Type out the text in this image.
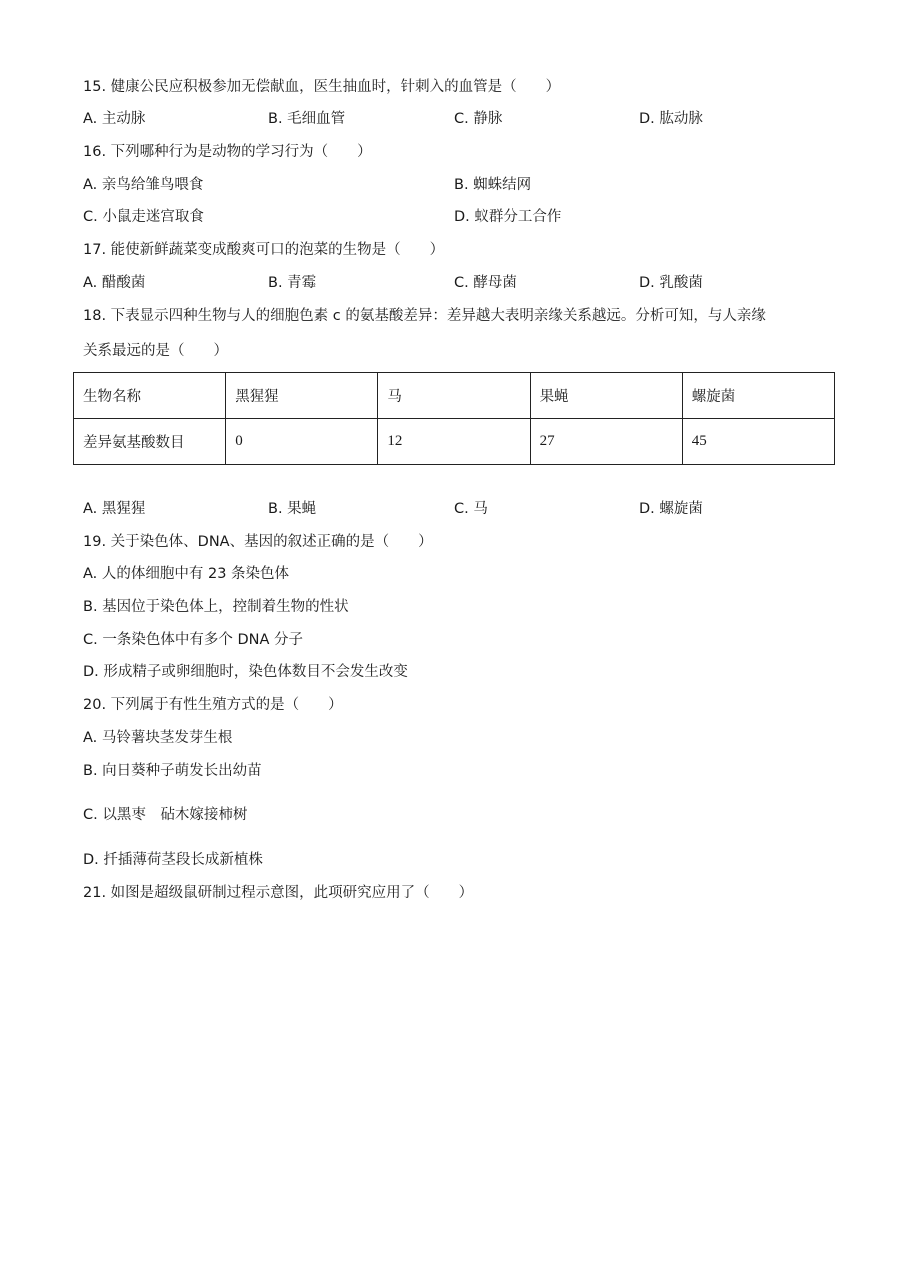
15. 健康公民应积极参加无偿献血，医生抽血时，针刺入的血管是（　　）
A. 主动脉	B. 毛细血管	C. 静脉	D. 肱动脉
16. 下列哪种行为是动物的学习行为（　　）
A. 亲鸟给雏鸟喂食	B. 蜘蛛结网
C. 小鼠走迷宫取食	D. 蚁群分工合作
17. 能使新鲜蔬菜变成酸爽可口的泡菜的生物是（　　）
A. 醋酸菌	B. 青霉	C. 酵母菌	D. 乳酸菌
18. 下表显示四种生物与人的细胞色素 c 的氨基酸差异：差异越大表明亲缘关系越远。分析可知，与人亲缘
关系最远的是（　　）
生物名称	黑猩猩	马	果蝇	螺旋菌
差异氨基酸数目	0	12	27	45
A. 黑猩猩	B. 果蝇	C. 马	D. 螺旋菌
19. 关于染色体、DNA、基因的叙述正确的是（　　）
A. 人的体细胞中有 23 条染色体
B. 基因位于染色体上，控制着生物的性状
C. 一条染色体中有多个 DNA 分子
D. 形成精子或卵细胞时，染色体数目不会发生改变
20. 下列属于有性生殖方式的是（　　）
A. 马铃薯块茎发芽生根
B. 向日葵种子萌发长出幼苗
C. 以黑枣　砧木嫁接柿树
D. 扦插薄荷茎段长成新植株
21. 如图是超级鼠研制过程示意图，此项研究应用了（　　）
